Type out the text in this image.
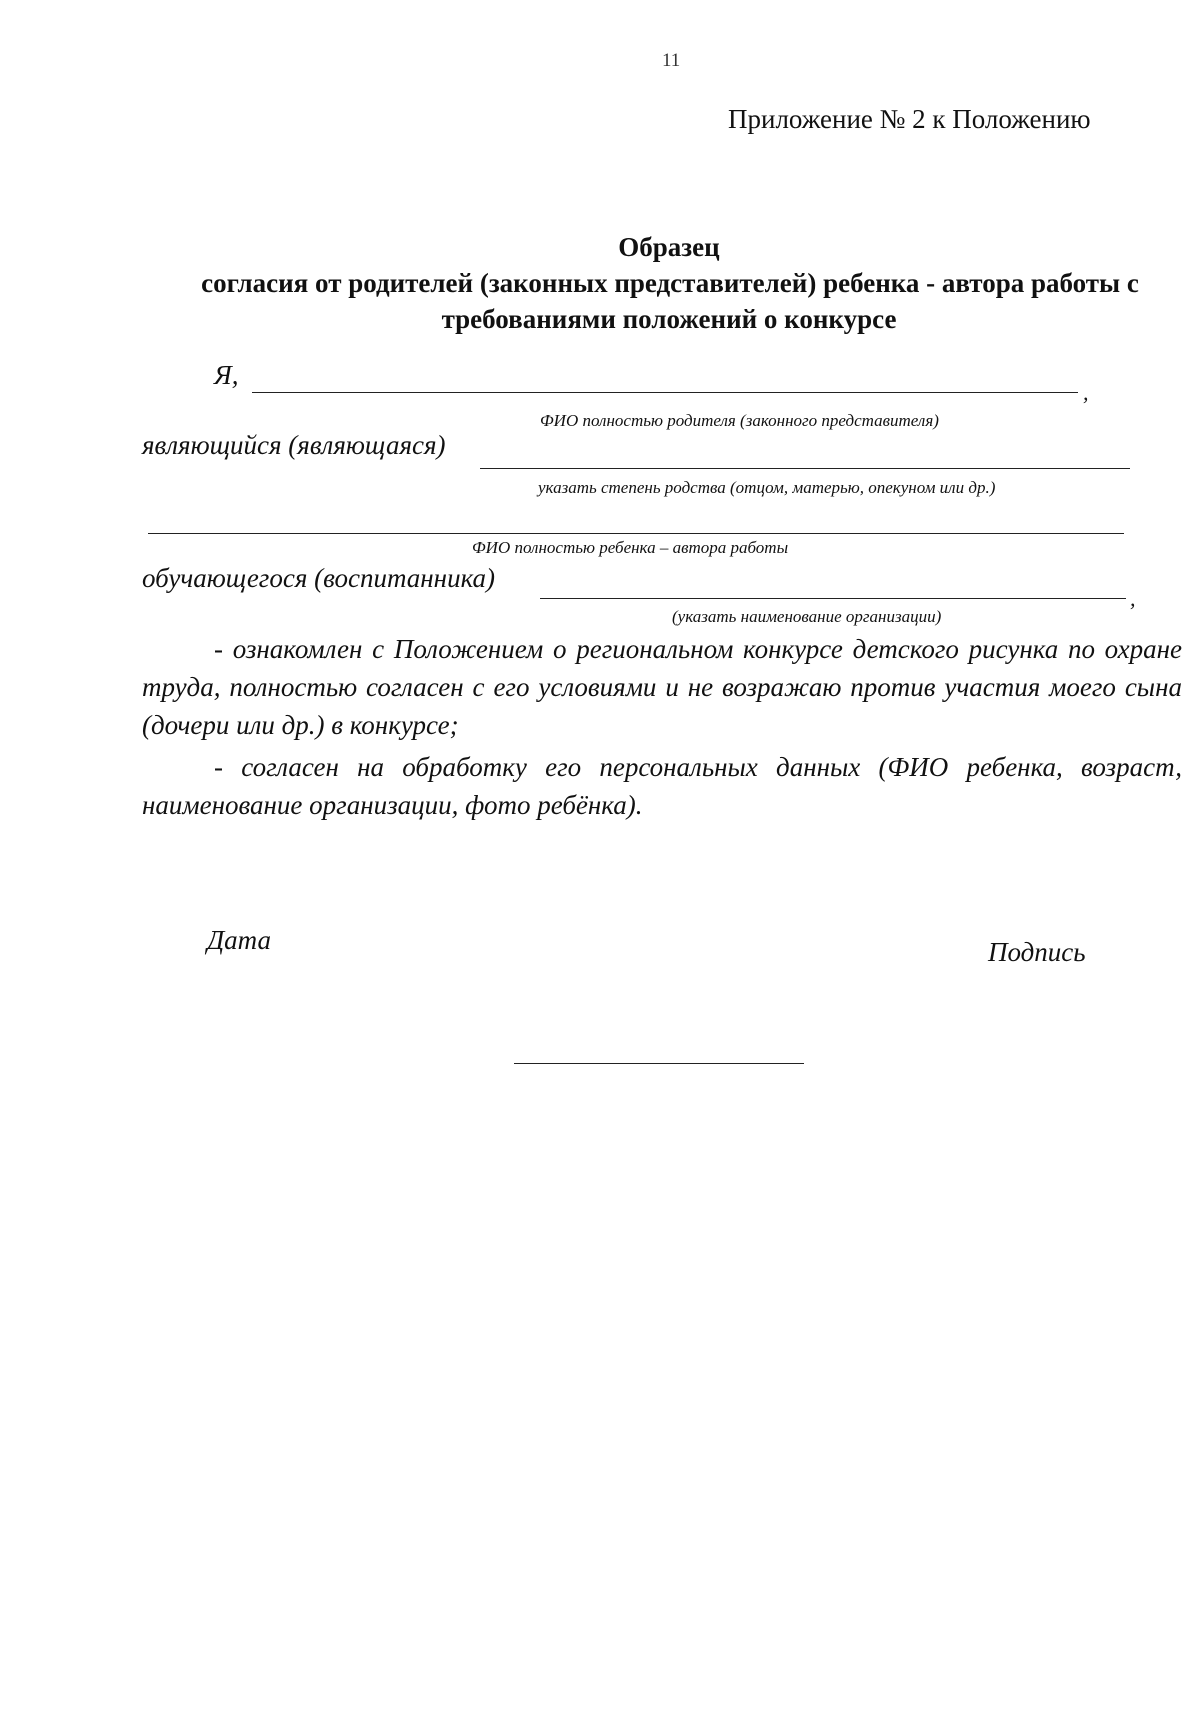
11
Приложение № 2 к Положению
Образец
согласия от родителей (законных представителей) ребенка - автора работы с
требованиями положений о конкурсе
Я,
,
ФИО полностью родителя (законного представителя)
являющийся (являющаяся)
указать степень родства (отцом, матерью, опекуном или др.)
ФИО полностью ребенка – автора работы
обучающегося (воспитанника)
,
(указать наименование организации)
- ознакомлен с Положением о региональном конкурсе детского рисунка по охране труда, полностью согласен с его условиями и не возражаю против участия моего сына (дочери или др.) в конкурсе;
- согласен на обработку его персональных данных (ФИО ребенка, возраст, наименование организации, фото ребёнка).
Дата	Подпись
